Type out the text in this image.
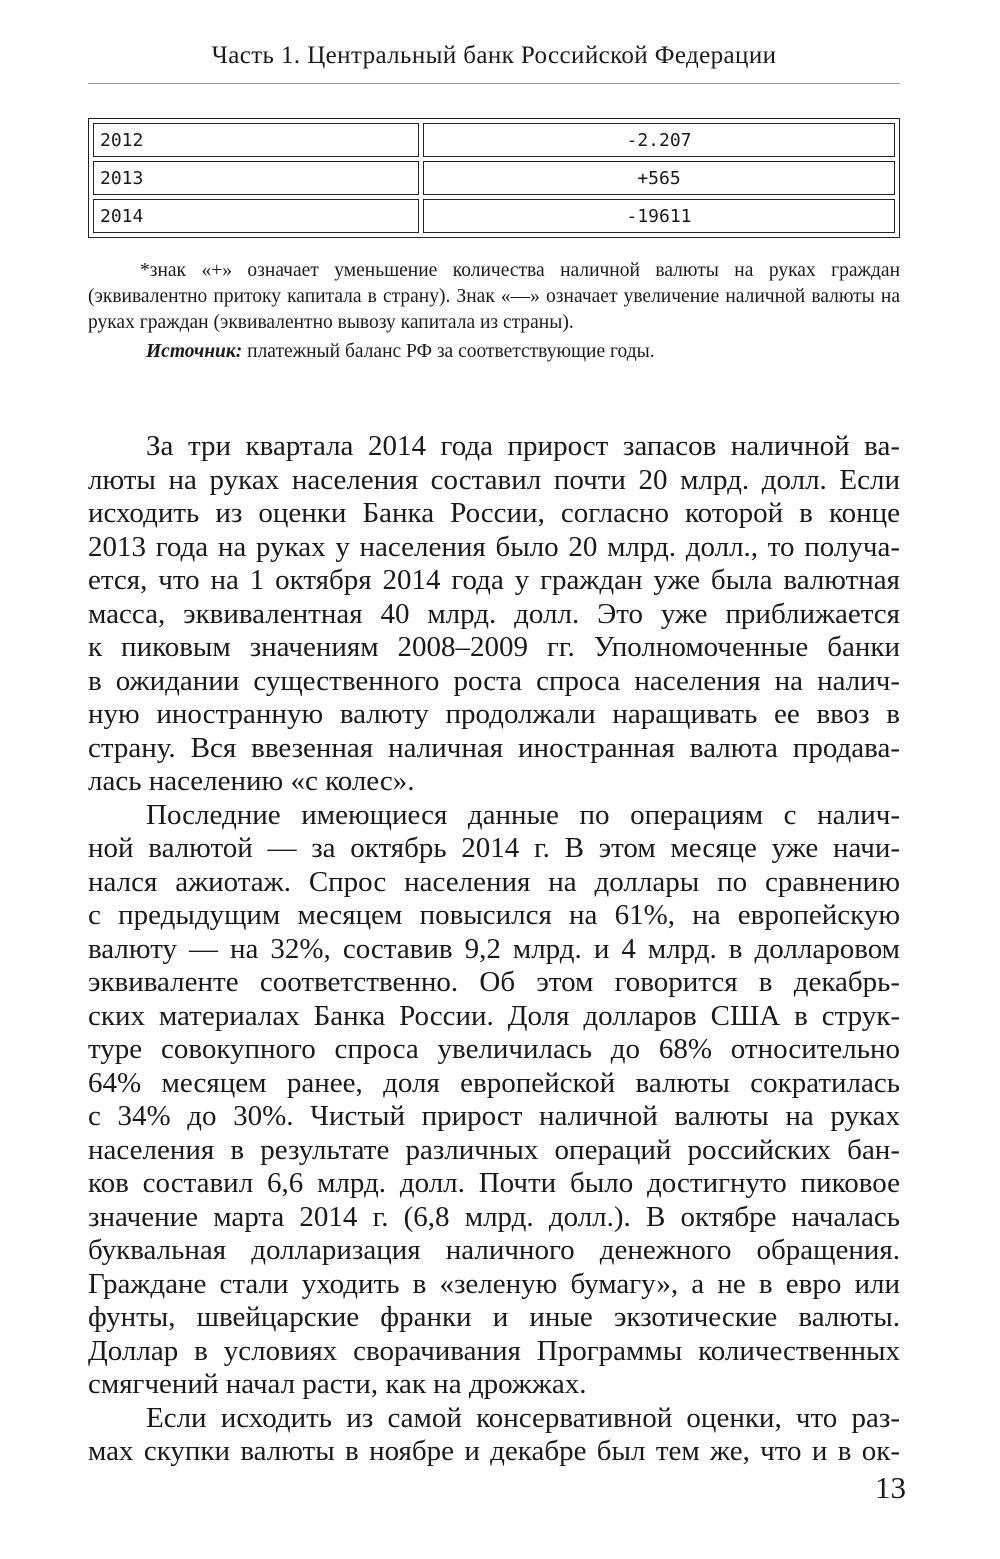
Часть 1. Центральный банк Российской Федерации
2012	-2.207
2013	+565
2014	-19611

*знак «+» означает уменьшение количества наличной валюты на руках граждан (эквивалентно притоку капитала в страну). Знак «—» означает увеличение наличной валюты на руках граждан (эквивалентно вывозу капитала из страны).

Источник: платежный баланс РФ за соответствующие годы.

За три квартала 2014 года прирост запасов наличной ва-
люты на руках населения составил почти 20 млрд. долл. Если
исходить из оценки Банка России, согласно которой в конце
2013 года на руках у населения было 20 млрд. долл., то получа-
ется, что на 1 октября 2014 года у граждан уже была валютная
масса, эквивалентная 40 млрд. долл. Это уже приближается
к пиковым значениям 2008–2009 гг. Уполномоченные банки
в ожидании существенного роста спроса населения на налич-
ную иностранную валюту продолжали наращивать ее ввоз в
страну. Вся ввезенная наличная иностранная валюта продава-
лась населению «с колес».
Последние имеющиеся данные по операциям с налич-
ной валютой — за октябрь 2014 г. В этом месяце уже начи-
нался ажиотаж. Спрос населения на доллары по сравнению
с предыдущим месяцем повысился на 61%, на европейскую
валюту — на 32%, составив 9,2 млрд. и 4 млрд. в долларовом
эквиваленте соответственно. Об этом говорится в декабрь-
ских материалах Банка России. Доля долларов США в струк-
туре совокупного спроса увеличилась до 68% относительно
64% месяцем ранее, доля европейской валюты сократилась
с 34% до 30%. Чистый прирост наличной валюты на руках
населения в результате различных операций российских бан-
ков составил 6,6 млрд. долл. Почти было достигнуто пиковое
значение марта 2014 г. (6,8 млрд. долл.). В октябре началась
буквальная долларизация наличного денежного обращения.
Граждане стали уходить в «зеленую бумагу», а не в евро или
фунты, швейцарские франки и иные экзотические валюты.
Доллар в условиях сворачивания Программы количественных
смягчений начал расти, как на дрожжах.
Если исходить из самой консервативной оценки, что раз-
мах скупки валюты в ноябре и декабре был тем же, что и в ок-
13
